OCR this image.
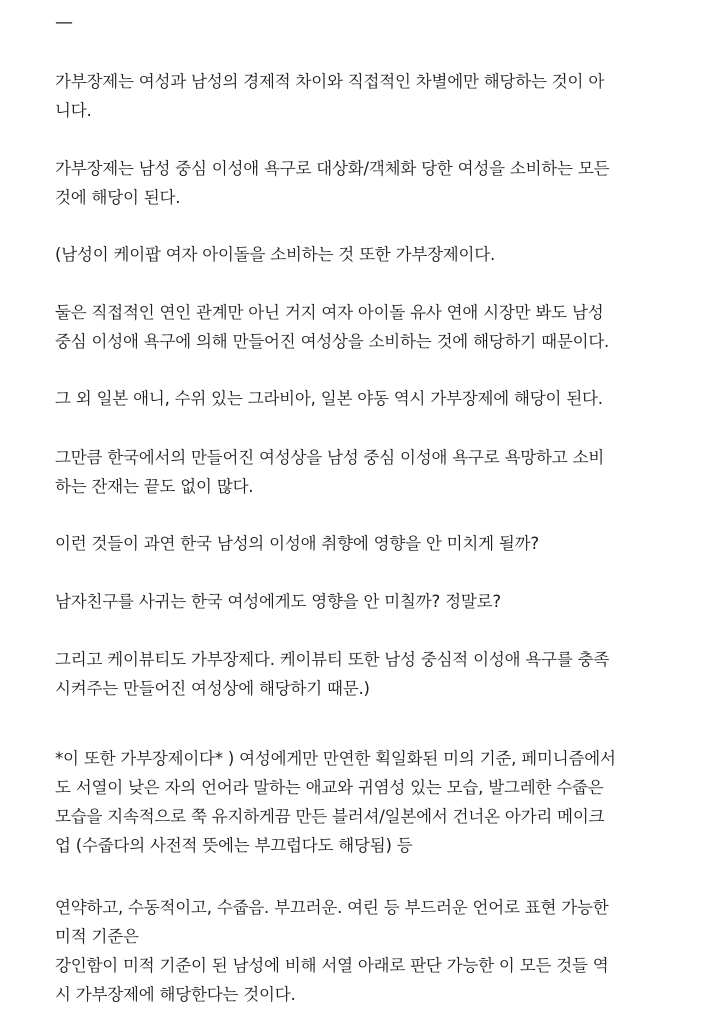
—

가부장제는 여성과 남성의 경제적 차이와 직접적인 차별에만 해당하는 것이 아
니다.

가부장제는 남성 중심 이성애 욕구로 대상화/객체화 당한 여성을 소비하는 모든
것에 해당이 된다.

(남성이 케이팝 여자 아이돌을 소비하는 것 또한 가부장제이다.

둘은 직접적인 연인 관계만 아닌 거지 여자 아이돌 유사 연애 시장만 봐도 남성
중심 이성애 욕구에 의해 만들어진 여성상을 소비하는 것에 해당하기 때문이다.

그 외 일본 애니, 수위 있는 그라비아, 일본 야동 역시 가부장제에 해당이 된다.

그만큼 한국에서의 만들어진 여성상을 남성 중심 이성애 욕구로 욕망하고 소비
하는 잔재는 끝도 없이 많다.

이런 것들이 과연 한국 남성의 이성애 취향에 영향을 안 미치게 될까?

남자친구를 사귀는 한국 여성에게도 영향을 안 미칠까? 정말로?

그리고 케이뷰티도 가부장제다. 케이뷰티 또한 남성 중심적 이성애 욕구를 충족
시켜주는 만들어진 여성상에 해당하기 때문.)

*이 또한 가부장제이다* ) 여성에게만 만연한 획일화된 미의 기준, 페미니즘에서
도 서열이 낮은 자의 언어라 말하는 애교와 귀염성 있는 모습, 발그레한 수줍은
모습을 지속적으로 쭉 유지하게끔 만든 블러셔/일본에서 건너온 아가리 메이크
업 (수줍다의 사전적 뜻에는 부끄럽다도 해당됨) 등

연약하고, 수동적이고, 수줍음. 부끄러운. 여린 등 부드러운 언어로 표현 가능한
미적 기준은
강인함이 미적 기준이 된 남성에 비해 서열 아래로 판단 가능한 이 모든 것들 역
시 가부장제에 해당한다는 것이다.
